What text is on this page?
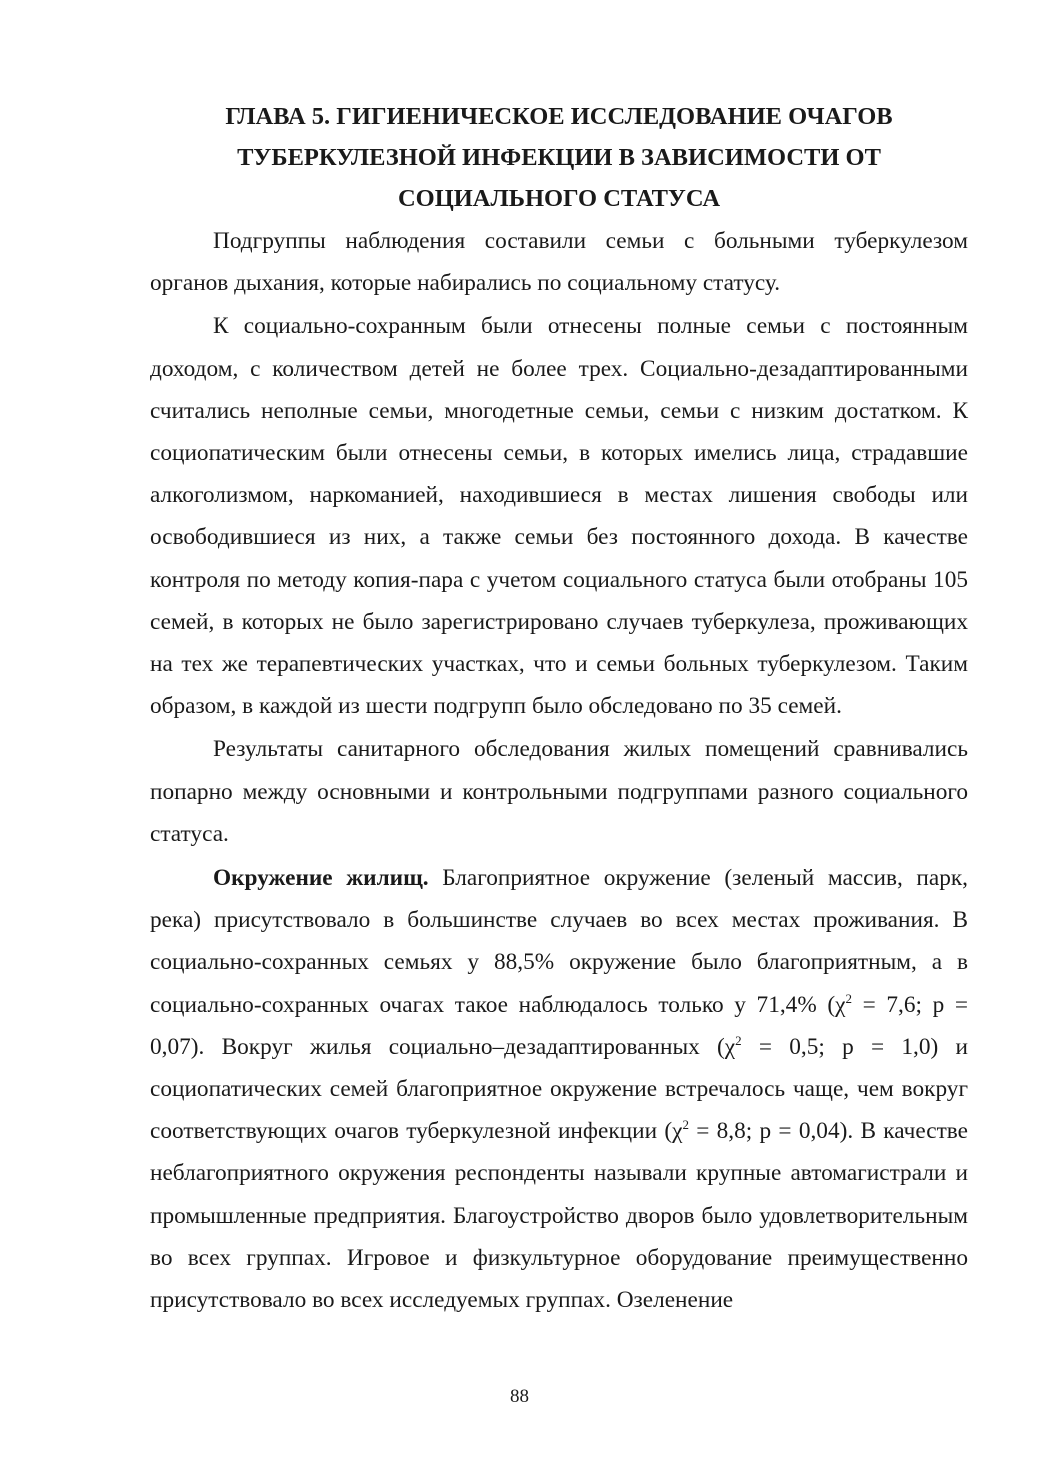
ГЛАВА 5. ГИГИЕНИЧЕСКОЕ ИССЛЕДОВАНИЕ ОЧАГОВ
ТУБЕРКУЛЕЗНОЙ ИНФЕКЦИИ В ЗАВИСИМОСТИ ОТ
СОЦИАЛЬНОГО СТАТУСА

Подгруппы наблюдения составили семьи с больными туберкулезом органов дыхания, которые набирались по социальному статусу.

К социально-сохранным были отнесены полные семьи с постоянным доходом, с количеством детей не более трех. Социально-дезадаптированными считались неполные семьи, многодетные семьи, семьи с низким достатком. К социопатическим были отнесены семьи, в которых имелись лица, страдавшие алкоголизмом, наркоманией, находившиеся в местах лишения свободы или освободившиеся из них, а также семьи без постоянного дохода. В качестве контроля по методу копия-пара с учетом социального статуса были отобраны 105 семей, в которых не было зарегистрировано случаев туберкулеза, проживающих на тех же терапевтических участках, что и семьи больных туберкулезом. Таким образом, в каждой из шести подгрупп было обследовано по 35 семей.

Результаты санитарного обследования жилых помещений сравнивались попарно между основными и контрольными подгруппами разного социального статуса.

Окружение жилищ. Благоприятное окружение (зеленый массив, парк, река) присутствовало в большинстве случаев во всех местах проживания. В социально-сохранных семьях у 88,5% окружение было благоприятным, а в социально-сохранных очагах такое наблюдалось только у 71,4% ($\chi^2 = 7,6$; p = 0,07). Вокруг жилья социально–дезадаптированных ($\chi^2 = 0,5$; p = 1,0) и социопатических семей благоприятное окружение встречалось чаще, чем вокруг соответствующих очагов туберкулезной инфекции ($\chi^2 = 8,8$; p = 0,04). В качестве неблагоприятного окружения респонденты называли крупные автомагистрали и промышленные предприятия. Благоустройство дворов было удовлетворительным во всех группах. Игровое и физкультурное оборудование преимущественно присутствовало во всех исследуемых группах. Озеленение

88
